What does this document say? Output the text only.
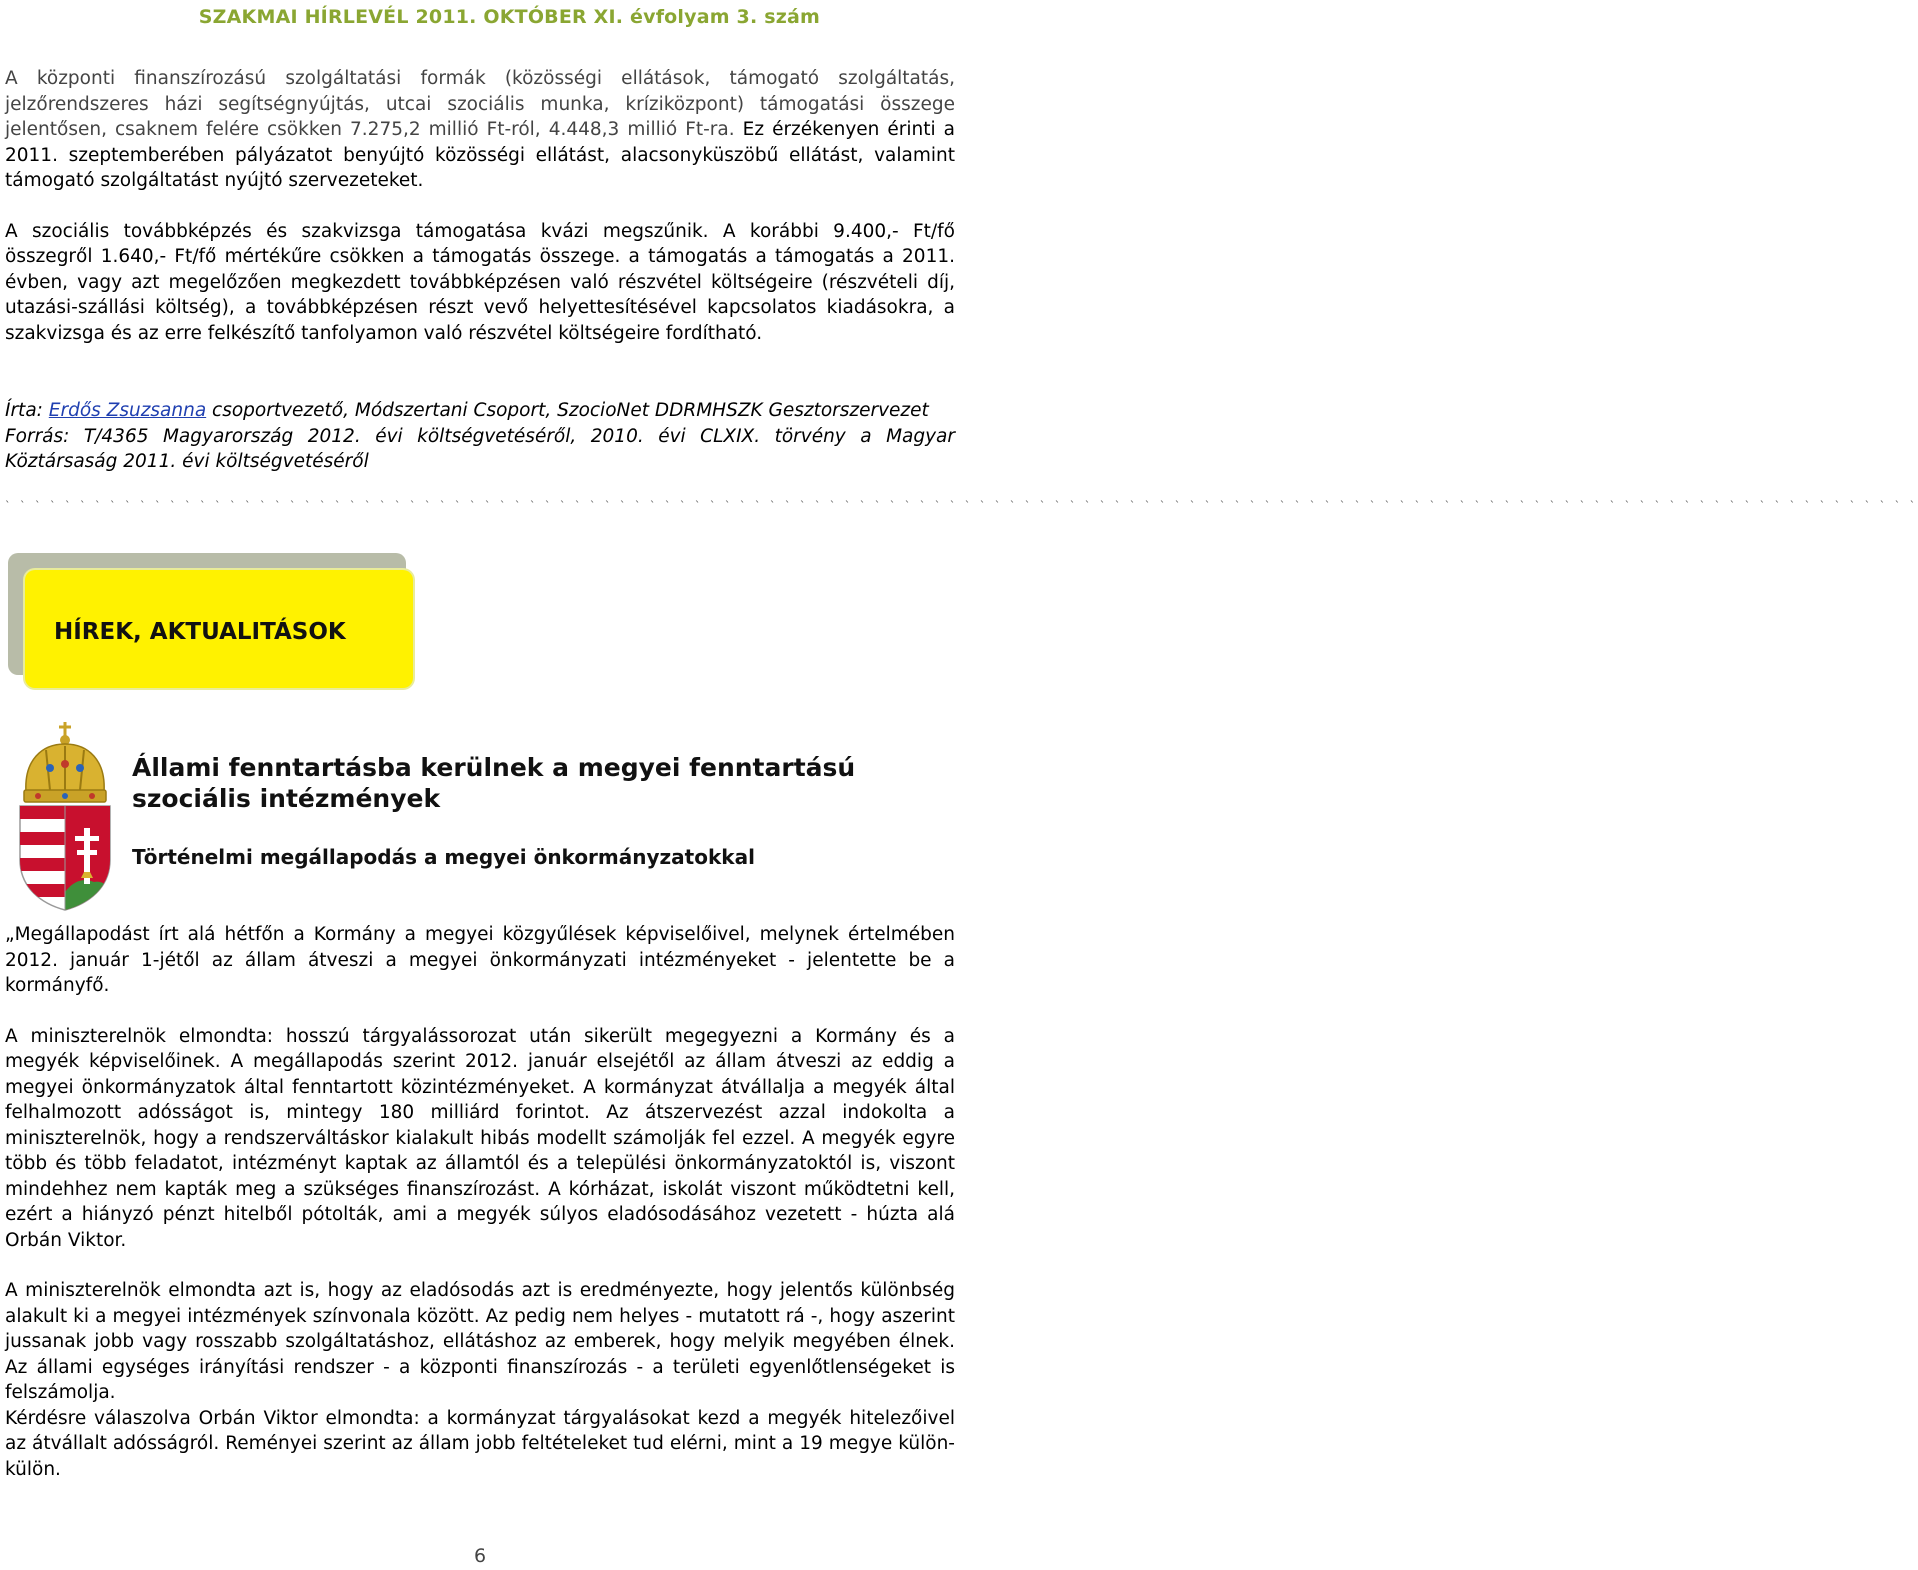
SZAKMAI HÍRLEVÉL 2011. OKTÓBER XI. évfolyam 3. szám

A központi finanszírozású szolgáltatási formák (közösségi ellátások, támogató szolgáltatás, jelzőrendszeres házi segítségnyújtás, utcai szociális munka, kríziközpont) támogatási összege jelentősen, csaknem felére csökken 7.275,2 millió Ft-ról, 4.448,3 millió Ft-ra. Ez érzékenyen érinti a 2011. szeptemberében pályázatot benyújtó közösségi ellátást, alacsonyküszöbű ellátást, valamint támogató szolgáltatást nyújtó szervezeteket.

A szociális továbbképzés és szakvizsga támogatása kvázi megszűnik. A korábbi 9.400,- Ft/fő összegről 1.640,- Ft/fő mértékűre csökken a támogatás összege. a támogatás a támogatás a 2011. évben, vagy azt megelőzően megkezdett továbbképzésen való részvétel költségeire (részvételi díj, utazási-szállási költség), a továbbképzésen részt vevő helyettesítésével kapcsolatos kiadásokra, a szakvizsga és az erre felkészítő tanfolyamon való részvétel költségeire fordítható.

Írta: Erdős Zsuzsanna csoportvezető, Módszertani Csoport, SzocioNet DDRMHSZK Gesztorszervezet

Forrás: T/4365 Magyarország 2012. évi költségvetéséről, 2010. évi CLXIX. törvény a Magyar Köztársaság 2011. évi költségvetéséről

` ` ` ` ` ` ` ` ` ` ` ` ` ` ` ` ` ` ` ` ` ` ` ` ` ` ` ` ` ` ` ` ` ` ` ` ` ` ` ` ` ` ` ` ` ` ` ` ` ` ` ` ` ` ` ` ` ` ` ` ` ` ` ` ` ` ` ` ` ` ` ` ` ` ` ` ` ` ` ` ` ` ` ` ` ` ` ` ` ` ` ` ` ` ` ` ` ` ` ` ` ` ` ` ` ` ` ` ` ` ` ` ` ` ` ` ` ` ` ` ` ` ` ` ` ` ` `
HÍREK, AKTUALITÁSOK
Állami fenntartásba kerülnek a megyei fenntartású szociális intézmények
Történelmi megállapodás a megyei önkormányzatokkal

„Megállapodást írt alá hétfőn a Kormány a megyei közgyűlések képviselőivel, melynek értelmében 2012. január 1-jétől az állam átveszi a megyei önkormányzati intézményeket - jelentette be a kormányfő.

A miniszterelnök elmondta: hosszú tárgyalássorozat után sikerült megegyezni a Kormány és a megyék képviselőinek. A megállapodás szerint 2012. január elsejétől az állam átveszi az eddig a megyei önkormányzatok által fenntartott közintézményeket. A kormányzat átvállalja a megyék által felhalmozott adósságot is, mintegy 180 milliárd forintot. Az átszervezést azzal indokolta a miniszterelnök, hogy a rendszerváltáskor kialakult hibás modellt számolják fel ezzel. A megyék egyre több és több feladatot, intézményt kaptak az államtól és a települési önkormányzatoktól is, viszont mindehhez nem kapták meg a szükséges finanszírozást. A kórházat, iskolát viszont működtetni kell, ezért a hiányzó pénzt hitelből pótolták, ami a megyék súlyos eladósodásához vezetett - húzta alá Orbán Viktor.

A miniszterelnök elmondta azt is, hogy az eladósodás azt is eredményezte, hogy jelentős különbség alakult ki a megyei intézmények színvonala között. Az pedig nem helyes - mutatott rá -, hogy aszerint jussanak jobb vagy rosszabb szolgáltatáshoz, ellátáshoz az emberek, hogy melyik megyében élnek. Az állami egységes irányítási rendszer - a központi finanszírozás - a területi egyenlőtlenségeket is felszámolja.

Kérdésre válaszolva Orbán Viktor elmondta: a kormányzat tárgyalásokat kezd a megyék hitelezőivel az átvállalt adósságról. Reményei szerint az állam jobb feltételeket tud elérni, mint a 19 megye külön-külön.

6
